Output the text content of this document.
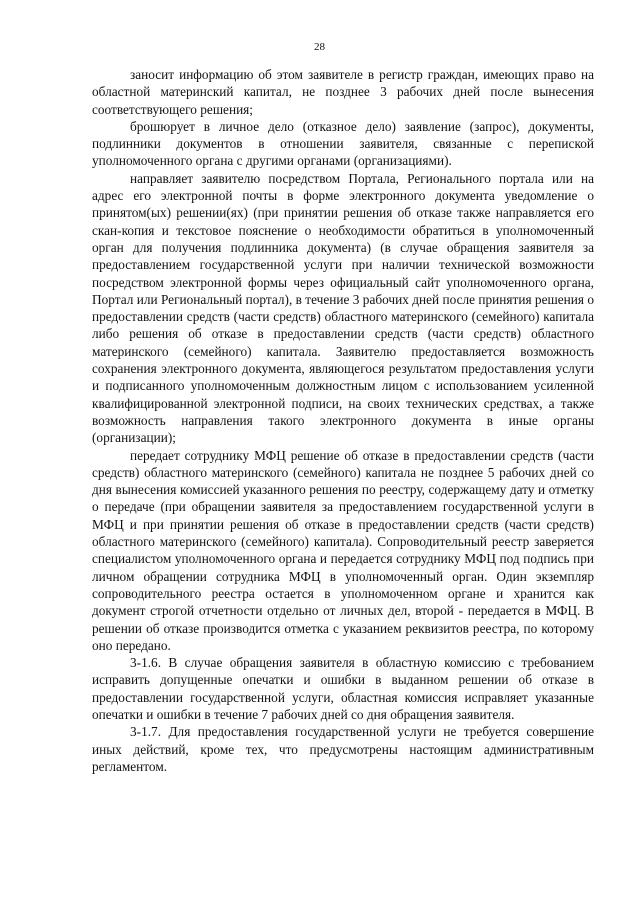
28

заносит информацию об этом заявителе в регистр граждан, имеющих право на областной материнский капитал, не позднее 3 рабочих дней после вынесения соответствующего решения;

брошюрует в личное дело (отказное дело) заявление (запрос), документы, подлинники документов в отношении заявителя, связанные с перепиской уполномоченного органа с другими органами (организациями).

направляет заявителю посредством Портала, Регионального портала или на адрес его электронной почты в форме электронного документа уведомление о принятом(ых) решении(ях) (при принятии решения об отказе также направляется его скан-копия и текстовое пояснение о необходимости обратиться в уполномоченный орган для получения подлинника документа) (в случае обращения заявителя за предоставлением государственной услуги при наличии технической возможности посредством электронной формы через официальный сайт уполномоченного органа, Портал или Региональный портал), в течение 3 рабочих дней после принятия решения о предоставлении средств (части средств) областного материнского (семейного) капитала либо решения об отказе в предоставлении средств (части средств) областного материнского (семейного) капитала. Заявителю предоставляется возможность сохранения электронного документа, являющегося результатом предоставления услуги и подписанного уполномоченным должностным лицом с использованием усиленной квалифицированной электронной подписи, на своих технических средствах, а также возможность направления такого электронного документа в иные органы (организации);

передает сотруднику МФЦ решение об отказе в предоставлении средств (части средств) областного материнского (семейного) капитала не позднее 5 рабочих дней со дня вынесения комиссией указанного решения по реестру, содержащему дату и отметку о передаче (при обращении заявителя за предоставлением государственной услуги в МФЦ и при принятии решения об отказе в предоставлении средств (части средств) областного материнского (семейного) капитала). Сопроводительный реестр заверяется специалистом уполномоченного органа и передается сотруднику МФЦ под подпись при личном обращении сотрудника МФЦ в уполномоченный орган. Один экземпляр сопроводительного реестра остается в уполномоченном органе и хранится как документ строгой отчетности отдельно от личных дел, второй - передается в МФЦ. В решении об отказе производится отметка с указанием реквизитов реестра, по которому оно передано.

3-1.6. В случае обращения заявителя в областную комиссию с требованием исправить допущенные опечатки и ошибки в выданном решении об отказе в предоставлении государственной услуги, областная комиссия исправляет указанные опечатки и ошибки в течение 7 рабочих дней со дня обращения заявителя.

3-1.7. Для предоставления государственной услуги не требуется совершение иных действий, кроме тех, что предусмотрены настоящим административным регламентом.
